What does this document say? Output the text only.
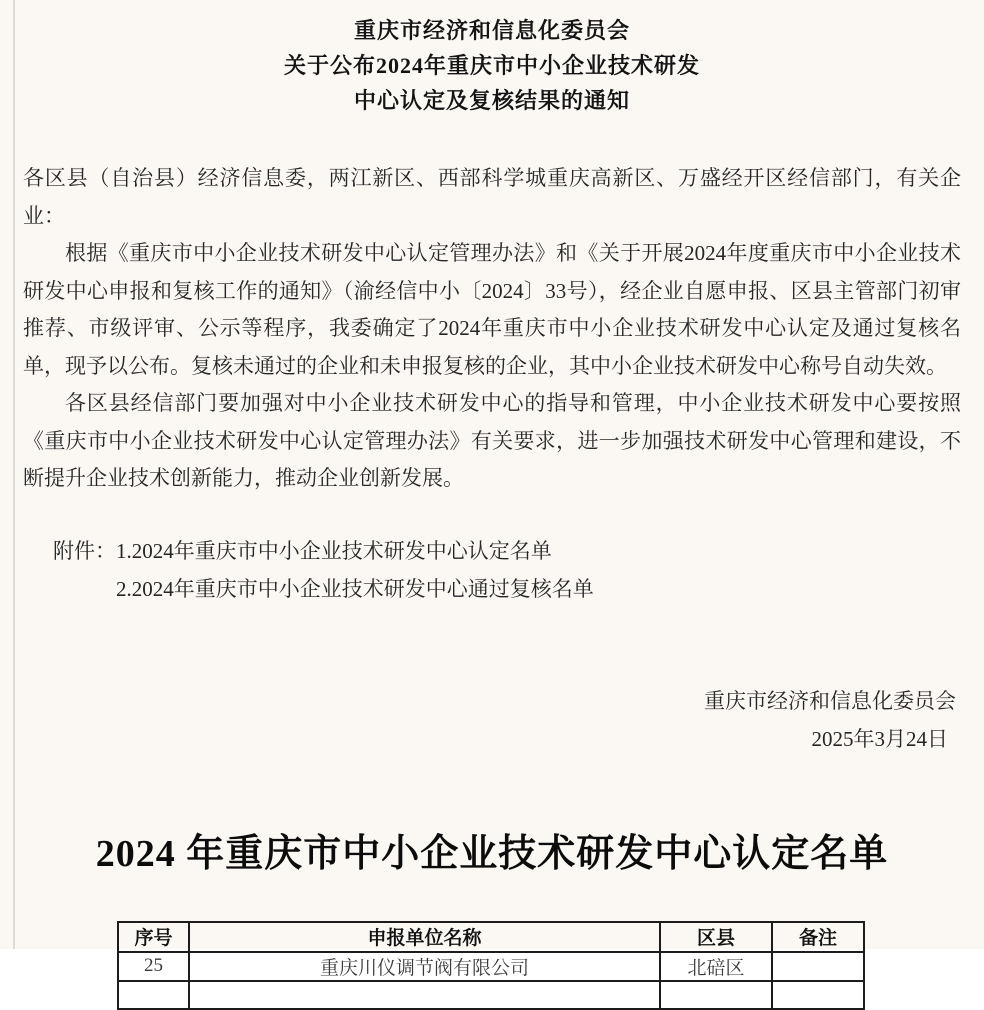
重庆市经济和信息化委员会
关于公布2024年重庆市中小企业技术研发
中心认定及复核结果的通知

各区县（自治县）经济信息委，两江新区、西部科学城重庆高新区、万盛经开区经信部门，有关企业：

根据《重庆市中小企业技术研发中心认定管理办法》和《关于开展2024年度重庆市中小企业技术研发中心申报和复核工作的通知》（渝经信中小〔2024〕33号），经企业自愿申报、区县主管部门初审推荐、市级评审、公示等程序，我委确定了2024年重庆市中小企业技术研发中心认定及通过复核名单，现予以公布。复核未通过的企业和未申报复核的企业，其中小企业技术研发中心称号自动失效。

各区县经信部门要加强对中小企业技术研发中心的指导和管理，中小企业技术研发中心要按照《重庆市中小企业技术研发中心认定管理办法》有关要求，进一步加强技术研发中心管理和建设，不断提升企业技术创新能力，推动企业创新发展。

附件：1.2024年重庆市中小企业技术研发中心认定名单
2.2024年重庆市中小企业技术研发中心通过复核名单
重庆市经济和信息化委员会
2025年3月24日
2024 年重庆市中小企业技术研发中心认定名单
序号	申报单位名称	区县	备注
25	重庆川仪调节阀有限公司	北碚区	
